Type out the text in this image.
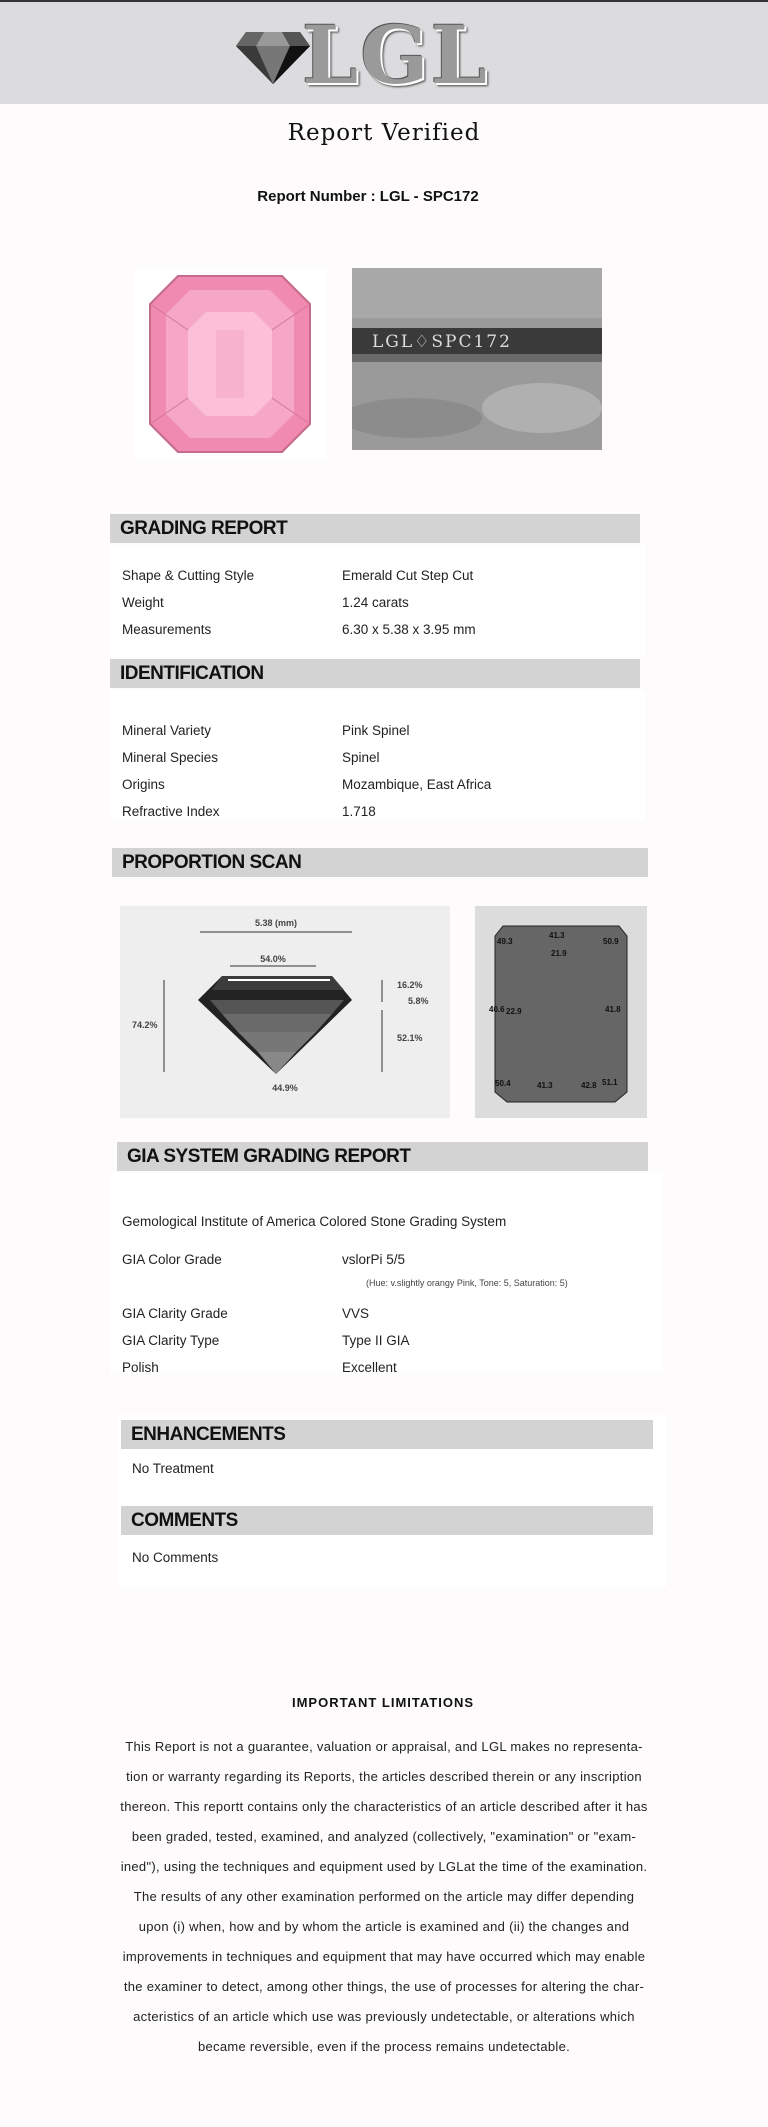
LGL
Report Verified
Report Number : LGL - SPC172
LGL♢SPC172
GRADING REPORT
Shape & Cutting Style	Emerald Cut Step Cut
Weight	1.24 carats
Measurements	6.30 x 5.38 x 3.95 mm
IDENTIFICATION
Mineral Variety	Pink Spinel
Mineral Species	Spinel
Origins	Mozambique, East Africa
Refractive Index	1.718
PROPORTION SCAN
5.38 (mm)
54.0%
74.2%
16.2%
5.8%
52.1%
44.9%
49.3
41.3
50.9
21.9
40.6 22.9	41.8
50.4	41.3	42.8 51.1
GIA SYSTEM GRADING REPORT
Gemological Institute of America Colored Stone Grading System
GIA Color Grade	vslorPi 5/5
(Hue: v.slightly orangy Pink, Tone: 5, Saturation: 5)
GIA Clarity Grade	VVS
GIA Clarity Type	Type II GIA
Polish	Excellent
ENHANCEMENTS
No Treatment
COMMENTS
No Comments
IMPORTANT LIMITATIONS
This Report is not a guarantee, valuation or appraisal, and LGL makes no representa-
tion or warranty regarding its Reports, the articles described therein or any inscription
thereon. This reportt contains only the characteristics of an article described after it has
been graded, tested, examined, and analyzed (collectively, "examination" or "exam-
ined"), using the techniques and equipment used by LGLat the time of the examination.
The results of any other examination performed on the article may differ depending
upon (i) when, how and by whom the article is examined and (ii) the changes and
improvements in techniques and equipment that may have occurred which may enable
the examiner to detect, among other things, the use of processes for altering the char-
acteristics of an article which use was previously undetectable, or alterations which
became reversible, even if the process remains undetectable.
